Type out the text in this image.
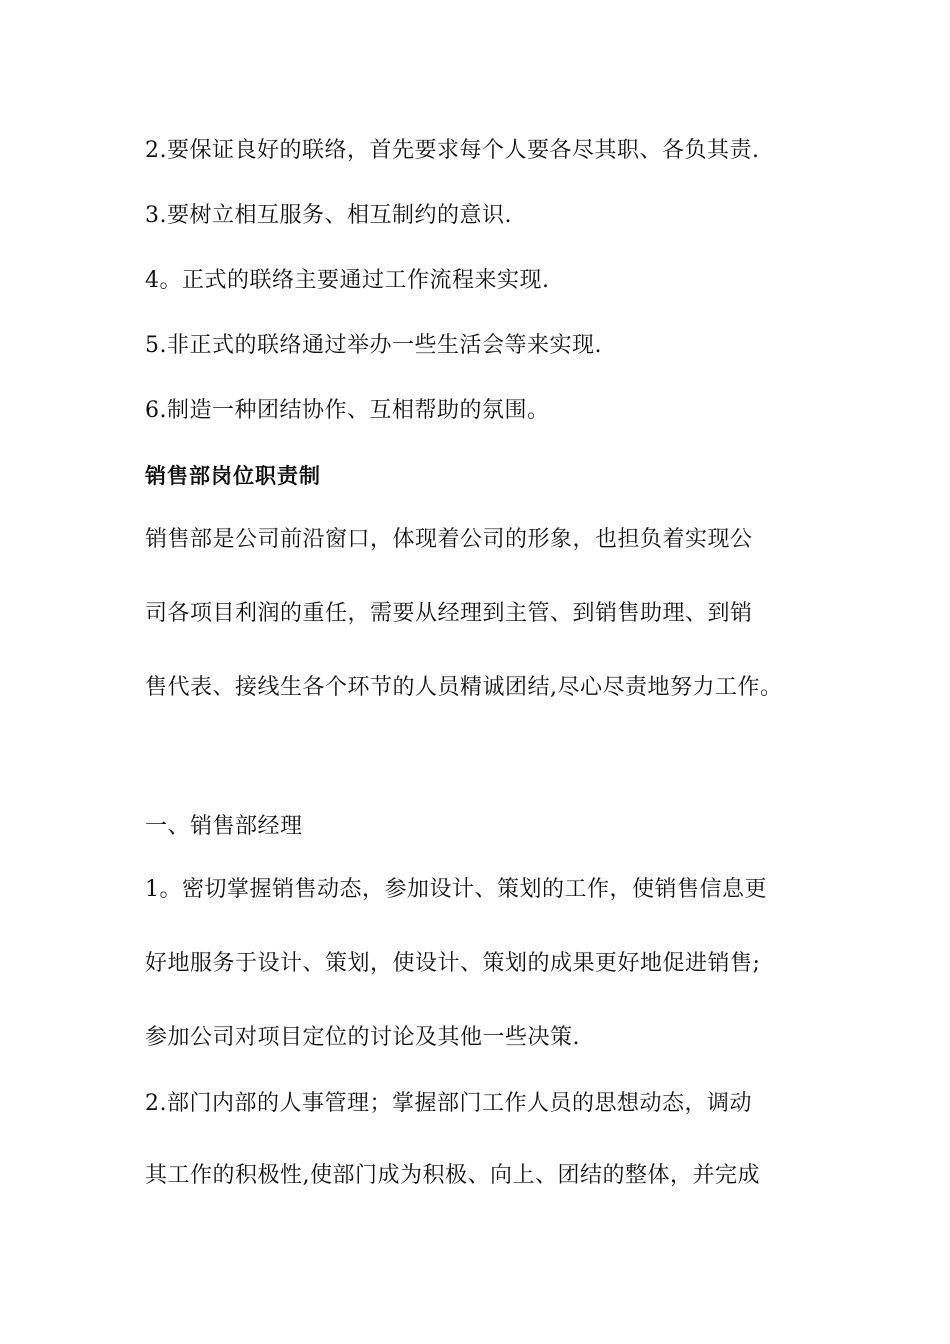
2.要保证良好的联络，首先要求每个人要各尽其职、各负其责.
3.要树立相互服务、相互制约的意识.
4。正式的联络主要通过工作流程来实现.
5.非正式的联络通过举办一些生活会等来实现.
6.制造一种团结协作、互相帮助的氛围。
销售部岗位职责制
销售部是公司前沿窗口，体现着公司的形象，也担负着实现公
司各项目利润的重任，需要从经理到主管、到销售助理、到销
售代表、接线生各个环节的人员精诚团结,尽心尽责地努力工作。
一、销售部经理
1。密切掌握销售动态，参加设计、策划的工作，使销售信息更
好地服务于设计、策划，使设计、策划的成果更好地促进销售;
参加公司对项目定位的讨论及其他一些决策.
2.部门内部的人事管理；掌握部门工作人员的思想动态，调动
其工作的积极性,使部门成为积极、向上、团结的整体，并完成
